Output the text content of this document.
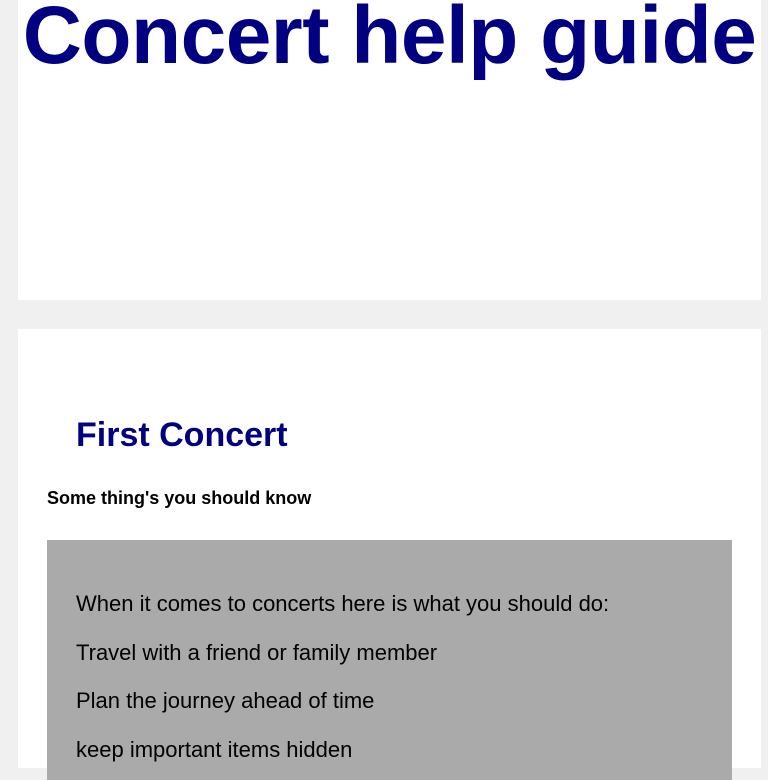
Concert help guide
First Concert
Some thing's you should know

When it comes to concerts here is what you should do:

Travel with a friend or family member

Plan the journey ahead of time

keep important items hidden
